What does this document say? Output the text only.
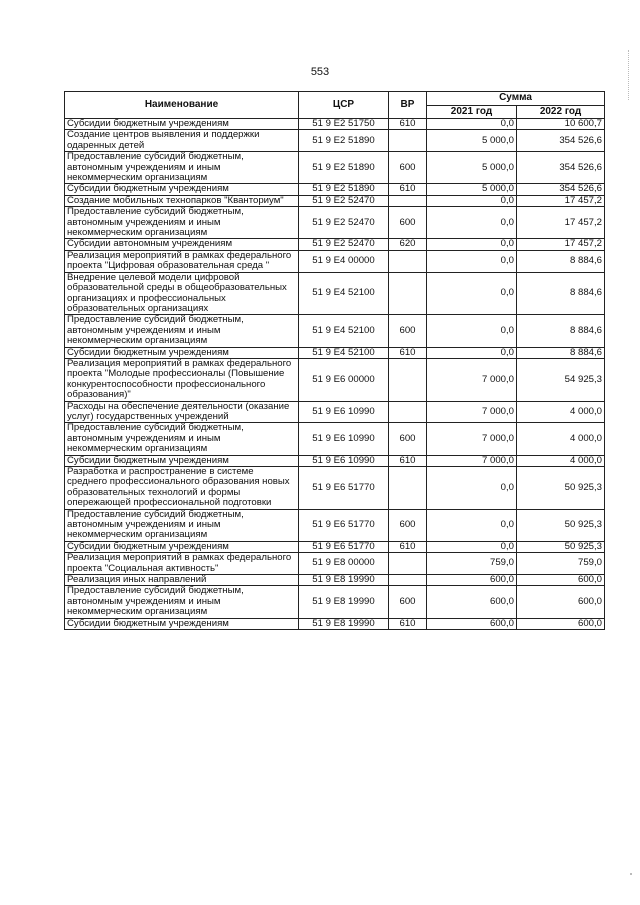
553
Наименование	ЦСР	ВР	Сумма	
			2021 год	2022 год
Субсидии бюджетным учреждениям	51 9 E2 51750	610	0,0	10 600,7
Создание центров выявления и поддержки одаренных детей	51 9 E2 51890		5 000,0	354 526,6
Предоставление субсидий бюджетным, автономным учреждениям и иным некоммерческим организациям	51 9 E2 51890	600	5 000,0	354 526,6
Субсидии бюджетным учреждениям	51 9 E2 51890	610	5 000,0	354 526,6
Создание мобильных технопарков "Кванториум"	51 9 E2 52470		0,0	17 457,2
Предоставление субсидий бюджетным, автономным учреждениям и иным некоммерческим организациям	51 9 E2 52470	600	0,0	17 457,2
Субсидии автономным учреждениям	51 9 E2 52470	620	0,0	17 457,2
Реализация мероприятий в рамках федерального проекта "Цифровая образовательная среда "	51 9 E4 00000		0,0	8 884,6
Внедрение целевой модели цифровой образовательной среды в общеобразовательных организациях и профессиональных образовательных организациях	51 9 E4 52100		0,0	8 884,6
Предоставление субсидий бюджетным, автономным учреждениям и иным некоммерческим организациям	51 9 E4 52100	600	0,0	8 884,6
Субсидии бюджетным учреждениям	51 9 E4 52100	610	0,0	8 884,6
Реализация мероприятий в рамках федерального проекта "Молодые профессионалы (Повышение конкурентоспособности профессионального образования)"	51 9 E6 00000		7 000,0	54 925,3
Расходы на обеспечение деятельности (оказание услуг) государственных учреждений	51 9 E6 10990		7 000,0	4 000,0
Предоставление субсидий бюджетным, автономным учреждениям и иным некоммерческим организациям	51 9 E6 10990	600	7 000,0	4 000,0
Субсидии бюджетным учреждениям	51 9 E6 10990	610	7 000,0	4 000,0
Разработка и распространение в системе среднего профессионального образования новых образовательных технологий и формы опережающей профессиональной подготовки	51 9 E6 51770		0,0	50 925,3
Предоставление субсидий бюджетным, автономным учреждениям и иным некоммерческим организациям	51 9 E6 51770	600	0,0	50 925,3
Субсидии бюджетным учреждениям	51 9 E6 51770	610	0,0	50 925,3
Реализация мероприятий в рамках федерального проекта "Социальная активность"	51 9 E8 00000		759,0	759,0
Реализация иных направлений	51 9 E8 19990		600,0	600,0
Предоставление субсидий бюджетным, автономным учреждениям и иным некоммерческим организациям	51 9 E8 19990	600	600,0	600,0
Субсидии бюджетным учреждениям	51 9 E8 19990	610	600,0	600,0
